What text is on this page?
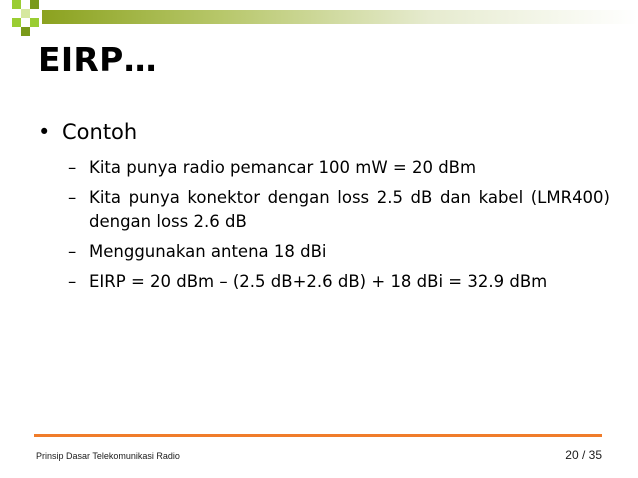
EIRP…
• Contoh
– Kita punya radio pemancar 100 mW = 20 dBm
– Kita punya konektor dengan loss 2.5 dB dan kabel (LMR400) dengan loss 2.6 dB
– Menggunakan antena 18 dBi
– EIRP = 20 dBm – (2.5 dB+2.6 dB) + 18 dBi = 32.9 dBm
Prinsip Dasar Telekomunikasi Radio	20 / 35
